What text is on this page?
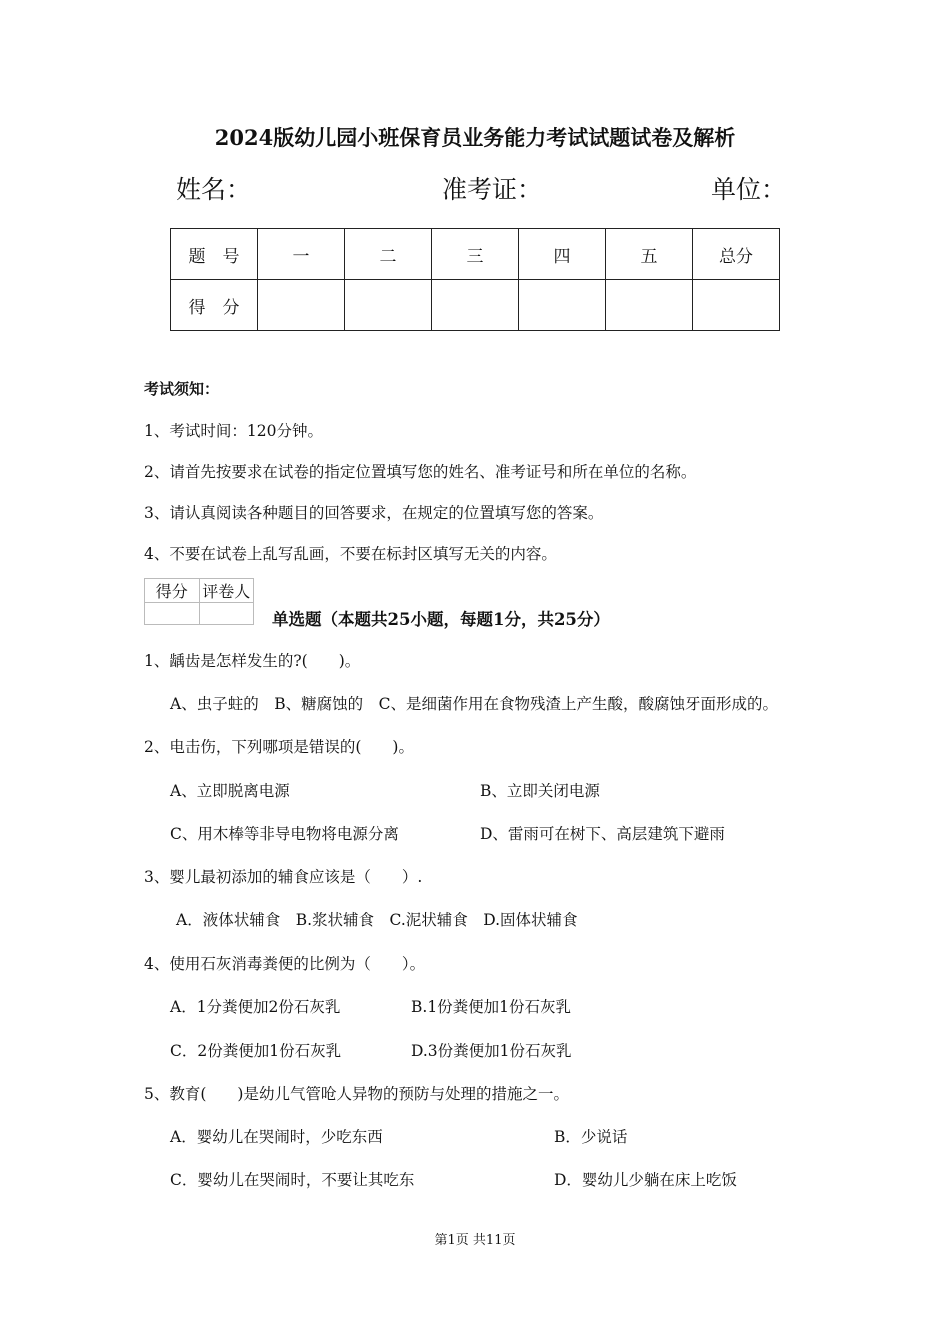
2024版幼儿园小班保育员业务能力考试试题试卷及解析
姓名：	准考证：	单位：
题　号	一	二	三	四	五	总分
得　分						
考试须知：
1、考试时间：120分钟。
2、请首先按要求在试卷的指定位置填写您的姓名、准考证号和所在单位的名称。
3、请认真阅读各种题目的回答要求，在规定的位置填写您的答案。
4、不要在试卷上乱写乱画，不要在标封区填写无关的内容。
得分	评卷人

单选题（本题共25小题，每题1分，共25分）
1、龋齿是怎样发生的?(　　)。
A、虫子蛀的　B、糖腐蚀的　C、是细菌作用在食物残渣上产生酸，酸腐蚀牙面形成的。
2、电击伤，下列哪项是错误的(　　)。
A、立即脱离电源	B、立即关闭电源
C、用木棒等非导电物将电源分离	D、雷雨可在树下、高层建筑下避雨
3、婴儿最初添加的辅食应该是（　　）.
A．液体状辅食　B.浆状辅食　C.泥状辅食　D.固体状辅食
4、使用石灰消毒粪便的比例为（　　）。
A．1分粪便加2份石灰乳	B.1份粪便加1份石灰乳
C．2份粪便加1份石灰乳	D.3份粪便加1份石灰乳
5、教育(　　)是幼儿气管呛人异物的预防与处理的措施之一。
A．婴幼儿在哭闹时，少吃东西	B．少说话
C．婴幼儿在哭闹时，不要让其吃东	D．婴幼儿少躺在床上吃饭
第1页 共11页
